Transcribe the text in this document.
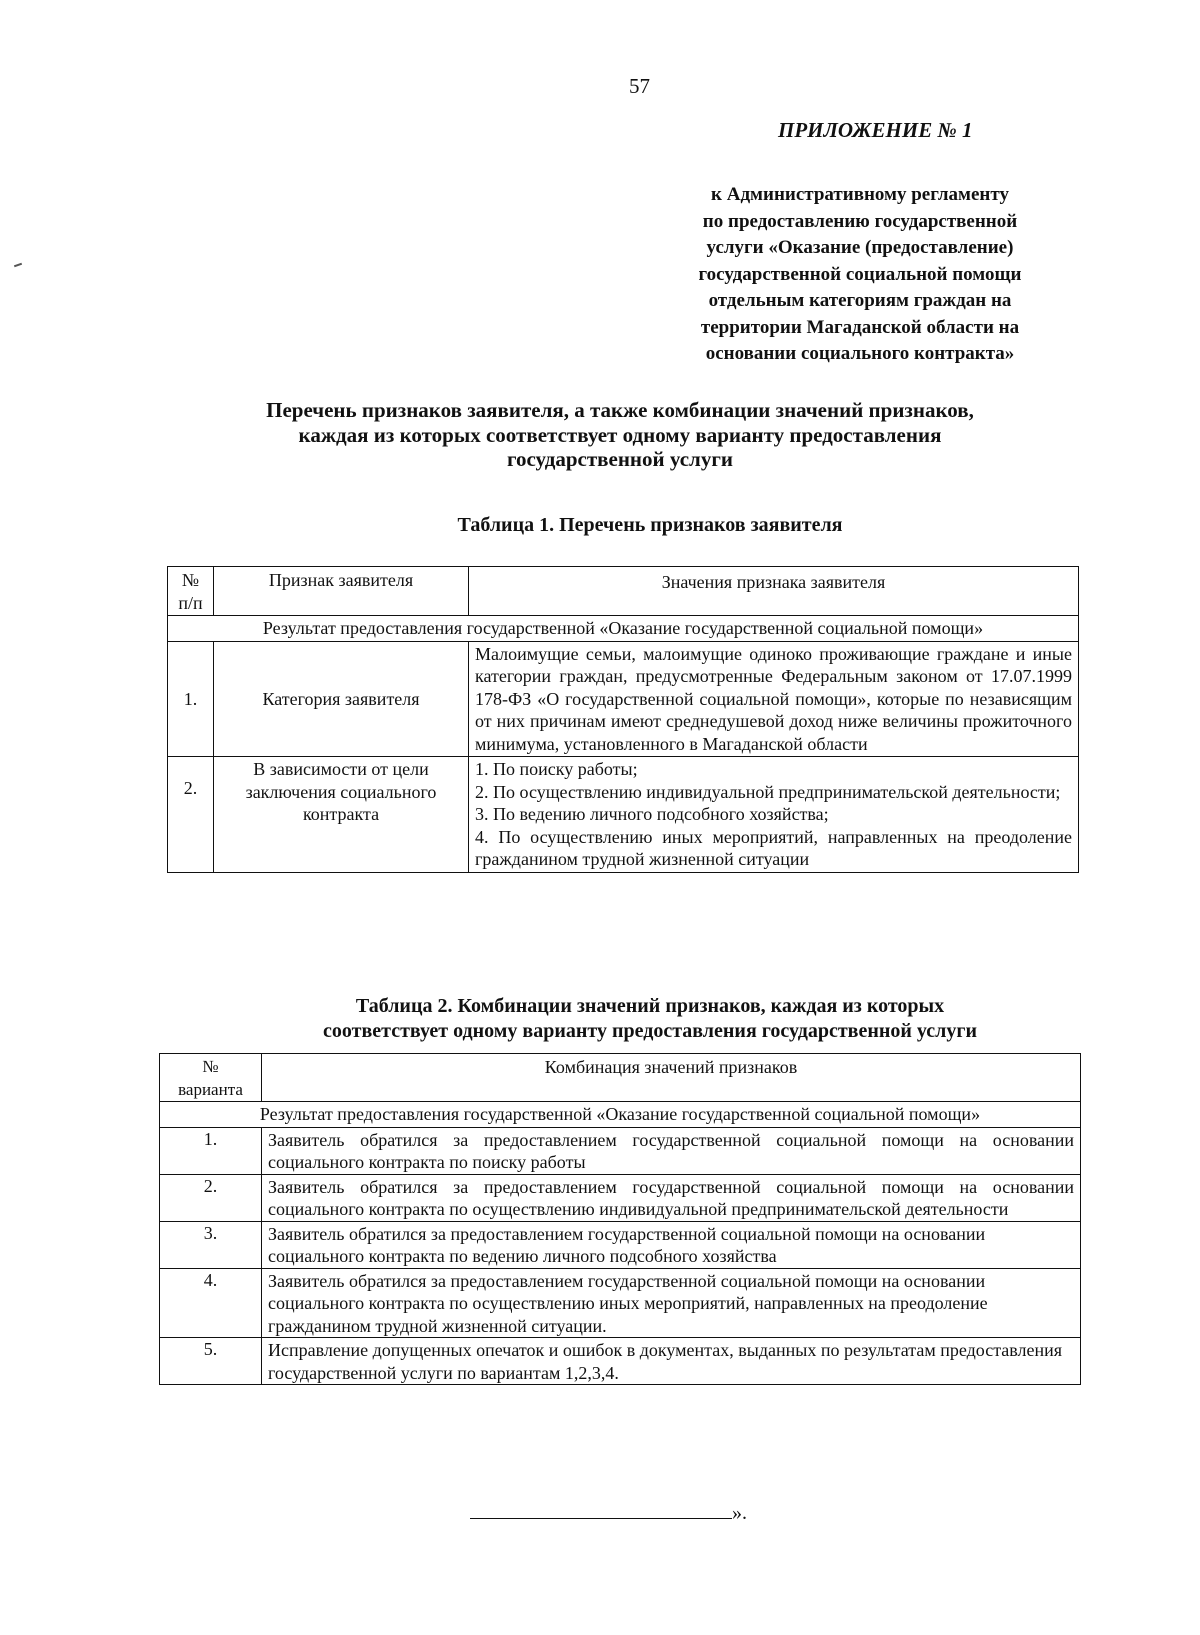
57
ПРИЛОЖЕНИЕ № 1
к Административному регламенту
по предоставлению государственной
услуги «Оказание (предоставление)
государственной социальной помощи
отдельным категориям граждан на
территории Магаданской области на
основании социального контракта»
Перечень признаков заявителя, а также комбинации значений признаков,
каждая из которых соответствует одному варианту предоставления
государственной услуги
Таблица 1. Перечень признаков заявителя
№
п/п	Признак заявителя	Значения признака заявителя
Результат предоставления государственной «Оказание государственной социальной помощи»		
1.	Категория заявителя	Малоимущие семьи, малоимущие одиноко проживающие граждане и иные категории граждан, предусмотренные Федеральным законом от 17.07.1999 178-ФЗ «О государственной социальной помощи», которые по независящим от них причинам имеют среднедушевой доход ниже величины прожиточного минимума, установленного в Магаданской области
2.	В зависимости от цели заключения социального контракта	1. По поиску работы;
2. По осуществлению индивидуальной предпринимательской деятельности;
3. По ведению личного подсобного хозяйства;
4. По осуществлению иных мероприятий, направленных на преодоление гражданином трудной жизненной ситуации
Таблица 2. Комбинации значений признаков, каждая из которых
соответствует одному варианту предоставления государственной услуги
№
варианта	Комбинация значений признаков
Результат предоставления государственной «Оказание государственной социальной помощи»	
1.	Заявитель обратился за предоставлением государственной социальной помощи на основании социального контракта по поиску работы
2.	Заявитель обратился за предоставлением государственной социальной помощи на основании социального контракта по осуществлению индивидуальной предпринимательской деятельности
3.	Заявитель обратился за предоставлением государственной социальной помощи на основании социального контракта по ведению личного подсобного хозяйства
4.	Заявитель обратился за предоставлением государственной социальной помощи на основании социального контракта по осуществлению иных мероприятий, направленных на преодоление гражданином трудной жизненной ситуации.
5.	Исправление допущенных опечаток и ошибок в документах, выданных по результатам предоставления государственной услуги по вариантам 1,2,3,4.
».
